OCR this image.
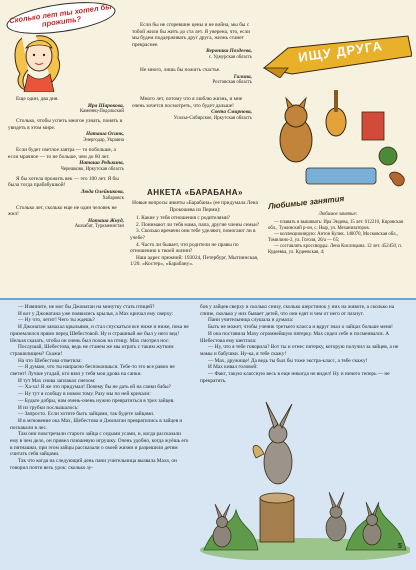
Сколько лет ты хотел бы прожить?

Еще один, два дня.

Ира Шарокова,
Каменец-Подольский

Столько, чтобы успеть многое узнать, понять и увидеть в этом мире.

Наташа Осинк,
Энергодар, Украина

Если будет светлое завтра — то побольше, а если мрачное — то не больше, чем до 60 лет.

Наташа Редькина,
Черешково, Иркутская область

Я бы хотела прожить век — это 100 лет. Я бы была тогда прабабушкой!

Люда Олейникова,
Хабаровск

Столько лет, сколько еще не один человек не жил!

Наташа Жнуд,
Ашхабат, Туркменистан

Если бы не сгоревшие цены и не война, мы бы с тобой жили бы жить до ста лет. Я уверена, что, если мы будем поддерживать друг друга, жизнь станет прекраснее.

Вероника Поздеева,
с. Удмурская область

Не много, лишь бы пожить счастье.

Галина,
Ростовская область

Много лет, потому что я люблю жизнь, и мне очень хочется посмотреть, что будет дальше!

Света Смирнова,
Усолье-Сибирское, Иркутская область
АНКЕТА «БАРАБАНА»
Новые вопросы анкеты «Барабана» (ее придумала Лена Прокошева из Перми):
1. Какие у тебя отношения с родителями?
2. Понимают ли тебя мама, папа, другие члены семьи?
3. Сколько времени они тебе уделяют, помогают ли в учебе?
4. Часто ли бывает, что родители не правы по отношению к твоей жизни?
Наш адрес прежний: 193024, Петербург, Мытнинская, 1/20. «Костер», «Барабану».
ИЩУ ДРУГА
Любимые занятия
Любимое занятие:
— плавать и вышивать: Ира Эмдева, 15 лет. 612210, Кировская обл., Тужинский р-он, с. Ныр, ул. Механизаторов.
— коллекционирую: Антон Кулик. 140070, Московская обл., Томилино-2, ул. Гоголя, 20/a — 65;
— составлять кроссворды. Лена Кислицына. 12 лет. 452450, п. Кудеевка, ул. Кудеевская, 4;

— Извините, не мог бы Джонатан на минутку стать птицей?

И вот у Джонатана уже появились крылья, а Мах кричал ему сверху:

— Ну что, летит! Чего ты ждешь?

И Джонатан замахал крыльями, и стал спускаться все ниже и ниже, пока не приземлился прямо перед Шебестовой. Ну и страшный же был у него вид! Нельзя сказать, чтобы он очень был похож на птицу. Мах смотрел нос:

Послушай, Шебестова, ведь не станем же мы играть с таким жутким страшилищем? Скажи!

На что Шебестова ответила:

— Я думаю, что ты напрасно беспокоишься. Тебе-то это все равно не светит! Лучше угадай, кто взял у тебя мои дрова на санки.

И тут Мах снова заплакал смехом:

— Ха-ха! Я же это придумал! Почему бы не дать ей на санки бабы?

— Ну тут я сообщу в новом тому. Разу мы по ней кричали:

— Будьте добры, нам очень-очень нужно превратиться в трех зайцев.

И из трубки послышалось:

— Запросто. Если хотите быть зайцами, так будете зайцами.

И в мгновение ока Мах, Шебестова и Джонатан превратились в зайцев и поскакали в лес.

Там они повстречали старого зайца с седыми усами, и, когда рассказали ему в чем дело, он привел плюшевую игрушку. Очень удобно, когда жуёшь его в пятнашки, при этом зайцы рассказали о своей жизни и разрешили детям считать себя зайцами.

Так что когда на следующий день пани учительница вызвала Маха, он говорил почти весь урок: сколько зу-

бов у зайцев сверху и сколько снизу, сколько шерстинок у них на животе, а сколько на спине, сколько у них бывает детей, что они едят и чем от него от пахнут.

Пани учительница слушала и думала:

Быть не может, чтобы ученик третьего класса и вдруг знал о зайцах больше меня!

И она поставила Маху огромнейшую пятерку. Мах сидел себе и посмеивался. А Шебестова ему шептала:

— Ну, что я тебе говорила? Вот ты и отнес пятерку, которую получил за зайцев, а не мамы и бабушки. Ну-ка, я тебе скажу!

— Мах, дружище! Да ведь ты был бы тоже экстра-класс, а тебе скажу!

И Мах кивал головой:

— Факт, такую классную весь в еще никогда не видел! Ну и ничего теперь — не прекратить.

5
